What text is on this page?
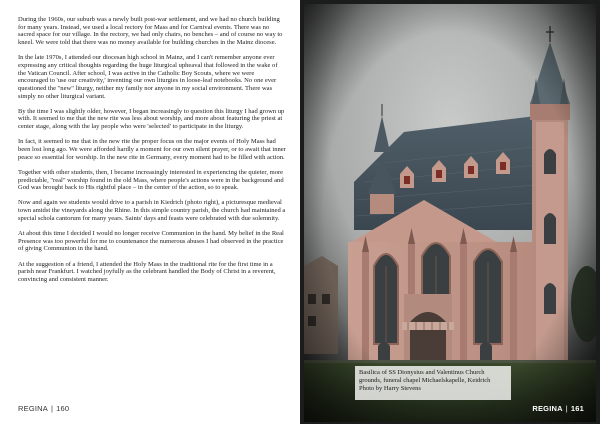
During the 1960s, our suburb was a newly built post-war settlement, and we had no church building for many years. Instead, we used a local rectory for Mass and for Carnival events. There was no sacred space for our village. In the rectory, we had only chairs, no benches – and of course no way to kneel. We were told that there was no money available for building churches in the Mainz diocese.

In the late 1970s, I attended our diocesan high school in Mainz, and I can't remember anyone ever expressing any critical thoughts regarding the huge liturgical upheaval that followed in the wake of the Vatican Council. After school, I was active in the Catholic Boy Scouts, where we were encouraged to 'use our creativity,' inventing our own liturgies in loose-leaf notebooks. No one ever questioned the "new" liturgy, neither my family nor anyone in my social environment. There was simply no other liturgical variant.

By the time I was slightly older, however, I began increasingly to question this liturgy I had grown up with. It seemed to me that the new rite was less about worship, and more about featuring the priest at center stage, along with the lay people who were 'selected' to participate in the liturgy.

In fact, it seemed to me that in the new rite the proper focus on the major events of Holy Mass had been lost long ago. We were afforded hardly a moment for our own silent prayer, or to await that inner peace so essential for worship. In the new rite in Germany, every moment had to be filled with action.

Together with other students, then, I became increasingly interested in experiencing the quieter, more predictable, "real" worship found in the old Mass, where people's actions were in the background and God was brought back to His rightful place – in the center of the action, so to speak.

Now and again we students would drive to a parish in Kiedrich (photo right), a picturesque medieval town amidst the vineyards along the Rhine. In this simple country parish, the church had maintained a special schola cantorum for many years. Saints' days and feasts were celebrated with due solemnity.

At about this time I decided I would no longer receive Communion in the hand. My belief in the Real Presence was too powerful for me to countenance the numerous abuses I had observed in the practice of giving Communion in the hand.

At the suggestion of a friend, I attended the Holy Mass in the traditional rite for the first time in a parish near Frankfurt. I watched joyfully as the celebrant handled the Body of Christ in a reverent, convincing and consistent manner.

REGINA | 160
Basilica of SS Dionysius and Valentinus Church
grounds, funeral chapel Michaelskapelle, Keidrich
Photo by Harry Stevens
REGINA | 161
